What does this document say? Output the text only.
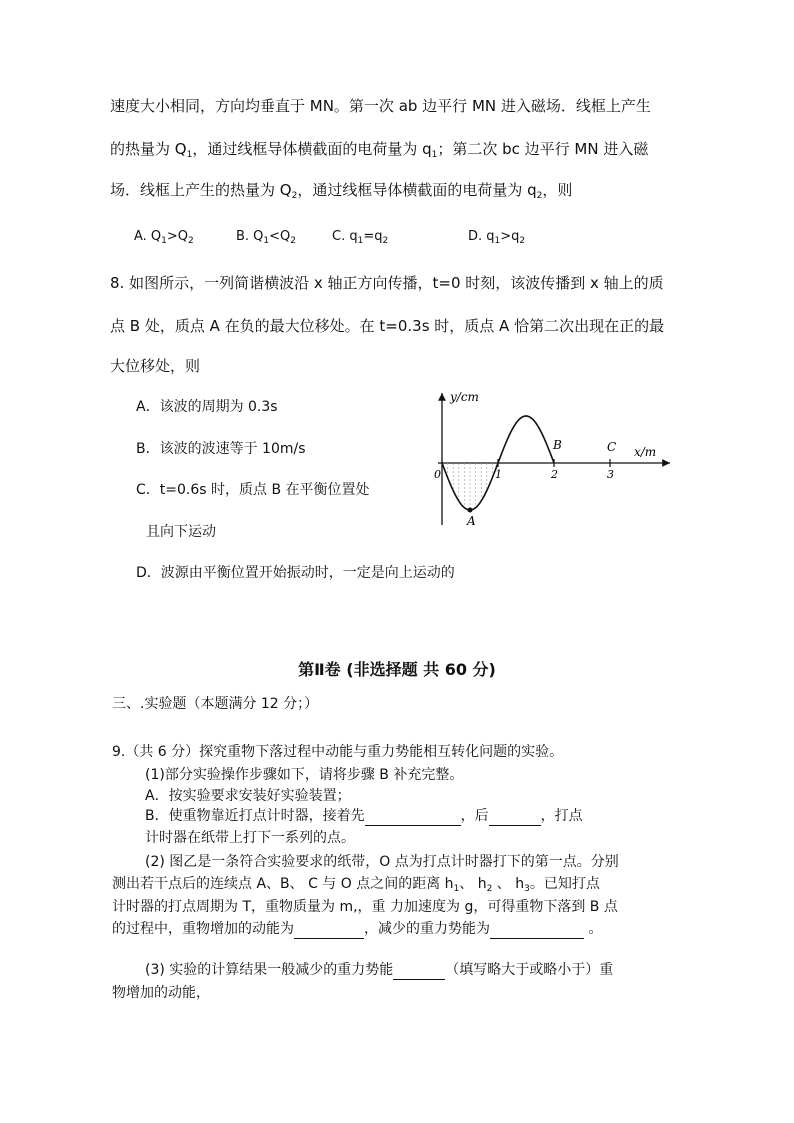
速度大小相同，方向均垂直于 MN。第一次 ab 边平行 MN 进入磁场．线框上产生
的热量为 $Q_1$，通过线框导体横截面的电荷量为 $q_1$；第二次 bc 边平行 MN 进入磁
场．线框上产生的热量为 $Q_2$，通过线框导体横截面的电荷量为 $q_2$，则
A. $Q_1>Q_2$	B. $Q_1<Q_2$	C. $q_1=q_2$	D. $q_1>q_2$
8. 如图所示，一列简谐横波沿 x 轴正方向传播，t=0 时刻，该波传播到 x 轴上的质
点 B 处，质点 A 在负的最大位移处。在 t=0.3s 时，质点 A 恰第二次出现在正的最
大位移处，则
A．该波的周期为 0.3s
B．该波的波速等于 10m/s
C．t=0.6s 时，质点 B 在平衡位置处
且向下运动
D．波源由平衡位置开始振动时，一定是向上运动的
y/cm
x/m
0	1	2	3
A
B	C
第Ⅱ卷 (非选择题 共 60 分)
三、.实验题（本题满分 12 分；）
9.（共 6 分）探究重物下落过程中动能与重力势能相互转化问题的实验。
(1)部分实验操作步骤如下，请将步骤 B 补充完整。
A．按实验要求安装好实验装置；
B．使重物靠近打点计时器，接着先	，后	，打点
计时器在纸带上打下一系列的点。
(2) 图乙是一条符合实验要求的纸带，O 点为打点计时器打下的第一点。分别
测出若干点后的连续点 A、B、 C 与 O 点之间的距离 $h_1$、 $h_2$ 、 $h_3$。已知打点
计时器的打点周期为 T，重物质量为 m,，重 力加速度为 g，可得重物下落到 B 点
的过程中，重物增加的动能为	，减少的重力势能为	。
(3) 实验的计算结果一般减少的重力势能	（填写略大于或略小于）重
物增加的动能，
